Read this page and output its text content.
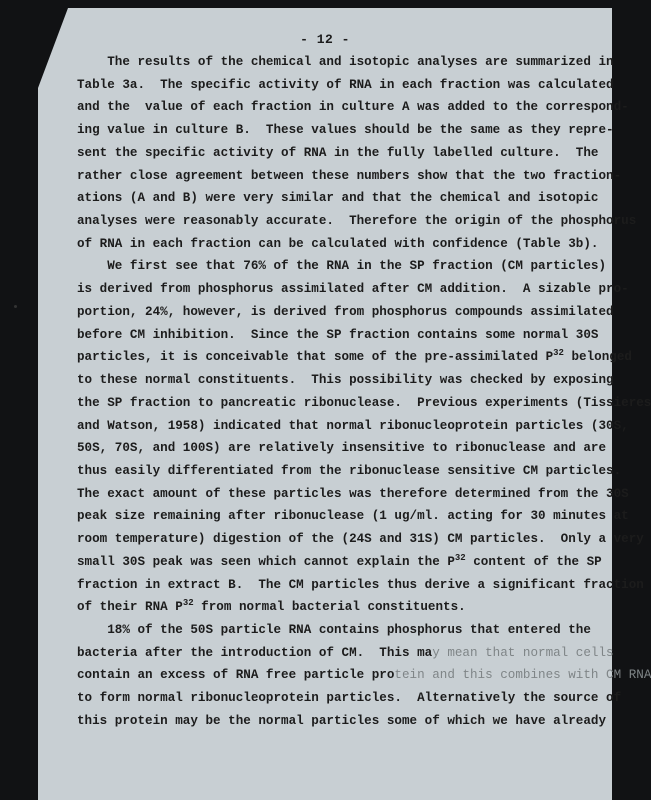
- 12 -
The results of the chemical and isotopic analyses are summarized in
Table 3a.  The specific activity of RNA in each fraction was calculated
and the  value of each fraction in culture A was added to the correspond-
ing value in culture B.  These values should be the same as they repre-
sent the specific activity of RNA in the fully labelled culture.  The
rather close agreement between these numbers show that the two fraction-
ations (A and B) were very similar and that the chemical and isotopic
analyses were reasonably accurate.  Therefore the origin of the phosphorus
of RNA in each fraction can be calculated with confidence (Table 3b).
We first see that 76% of the RNA in the SP fraction (CM particles)
is derived from phosphorus assimilated after CM addition.  A sizable pro-
portion, 24%, however, is derived from phosphorus compounds assimilated
before CM inhibition.  Since the SP fraction contains some normal 30S
particles, it is conceivable that some of the pre-assimilated $P^{32}$ belonged
to these normal constituents.  This possibility was checked by exposing
the SP fraction to pancreatic ribonuclease.  Previous experiments (Tissieres
and Watson, 1958) indicated that normal ribonucleoprotein particles (30S,
50S, 70S, and 100S) are relatively insensitive to ribonuclease and are
thus easily differentiated from the ribonuclease sensitive CM particles.
The exact amount of these particles was therefore determined from the 30S
peak size remaining after ribonuclease (1 ug/ml. acting for 30 minutes at
room temperature) digestion of the (24S and 31S) CM particles.  Only a very
small 30S peak was seen which cannot explain the $P^{32}$ content of the SP
fraction in extract B.  The CM particles thus derive a significant fraction
of their RNA $P^{32}$ from normal bacterial constituents.
18% of the 50S particle RNA contains phosphorus that entered the
bacteria after the introduction of CM.  This may mean that normal cells
contain an excess of RNA free particle protein and this combines with CM RNA
to form normal ribonucleoprotein particles.  Alternatively the source of
this protein may be the normal particles some of which we have already
